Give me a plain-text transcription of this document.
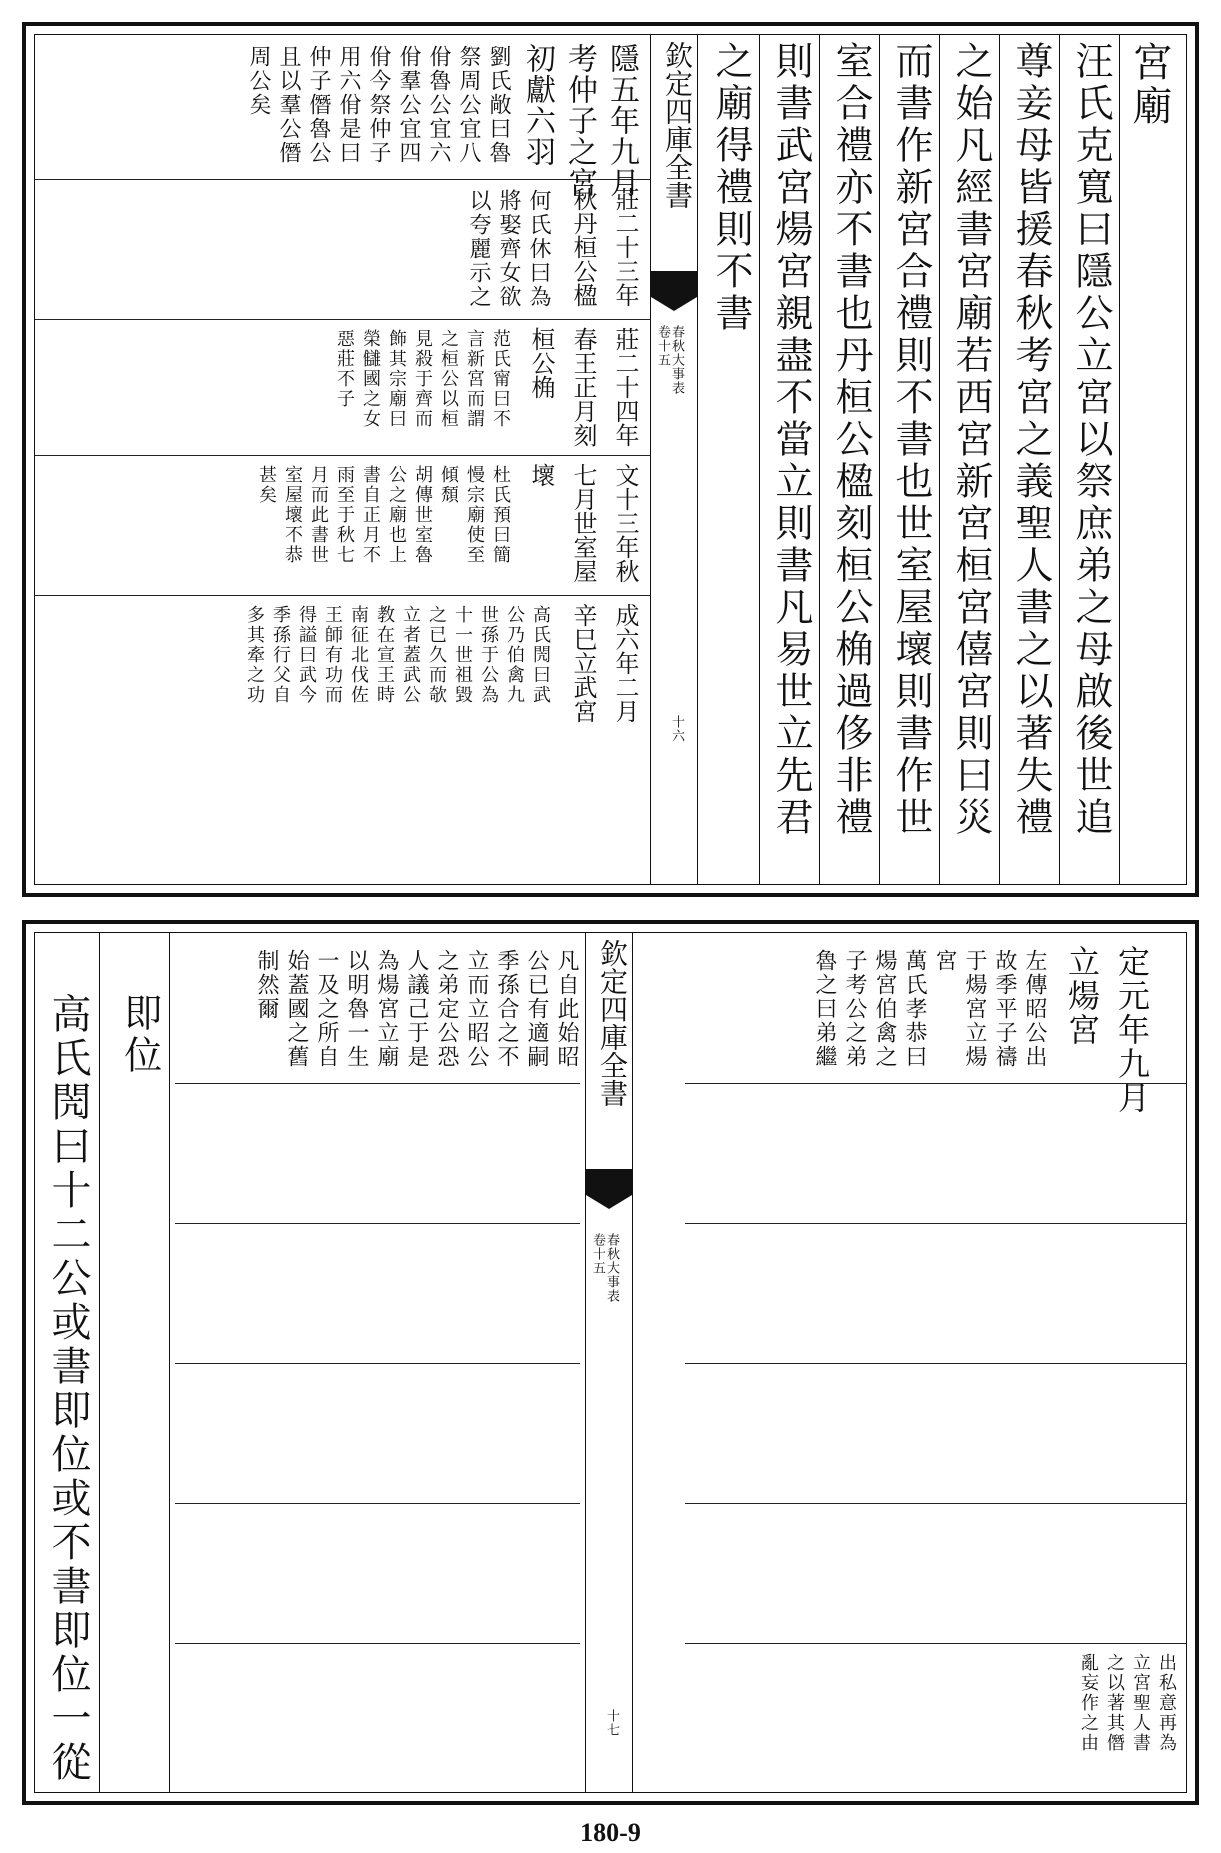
宮廟
汪氏克寬曰隱公立宮以祭庶弟之母啟後世追
尊妾母皆援春秋考宮之義聖人書之以著失禮
之始凡經書宮廟若西宮新宮桓宮僖宮則曰災
而書作新宮合禮則不書也世室屋壞則書作世
室合禮亦不書也丹桓公楹刻桓公桷過侈非禮
則書武宮煬宮親盡不當立則書凡易世立先君
之廟得禮則不書
欽定四庫全書
春秋大事表
卷十五
十六
隱五年九月
考仲子之宮
初獻六羽
劉氏敞曰魯
祭周公宜八
佾魯公宜六
佾羣公宜四
佾今祭仲子
用六佾是曰
仲子僭魯公
且以羣公僭
周公矣
莊二十三年
秋丹桓公楹
何氏休曰為
將娶齊女欲
以夸麗示之
莊二十四年
春王正月刻
桓公桷
范氏甯曰不
言新宮而謂
之桓公以桓
見殺于齊而
飾其宗廟曰
榮讎國之女
惡莊不子
文十三年秋
七月世室屋
壞
杜氏預曰簡
慢宗廟使至
傾頹
胡傳世室魯
公之廟也上
書自正月不
雨至于秋七
月而此書世
室屋壞不恭
甚矣
成六年二月
辛巳立武宮
高氏閌曰武
公乃伯禽九
世孫于公為
十一世祖毀
之已久而欹
立者蓋武公
教在宣王時
南征北伐佐
王師有功而
得謚曰武今
季孫行父自
多其牽之功
定元年九月
立煬宮
左傳昭公出
故季平子禱
于煬宮立煬
宮
萬氏孝恭曰
煬宮伯禽之
子考公之弟
魯之曰弟繼
出私意再為
立宮聖人書
之以著其僭
亂妄作之由
欽定四庫全書
春秋大事表
卷十五
十七
凡自此始昭
公已有適嗣
季孫合之不
立而立昭公
之弟定公恐
人議己于是
為煬宮立廟
以明魯一生
一及之所自
始蓋國之舊
制然爾
即位
高氏閌曰十二公或書即位或不書即位一從
180-9
